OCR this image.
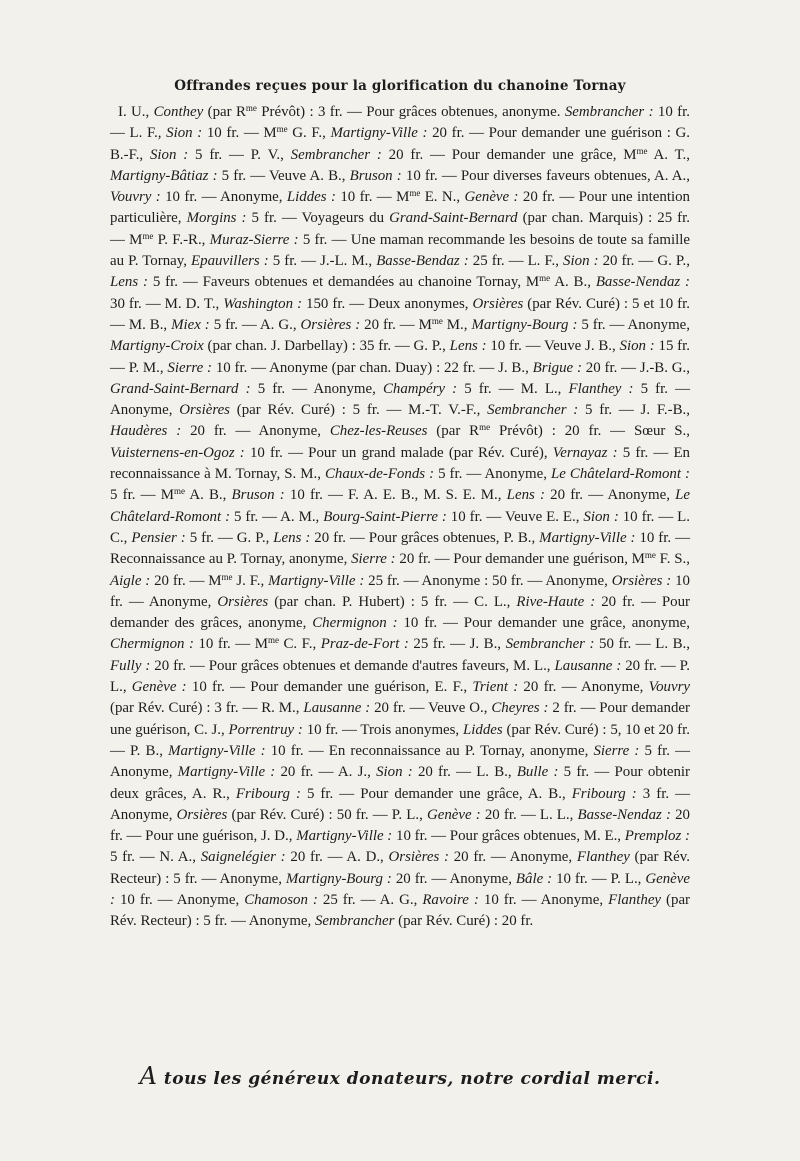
Offrandes reçues pour la glorification du chanoine Tornay
I. U., Conthey (par $R^{me}$ Prévôt) : 3 fr. — Pour grâces obtenues, anonyme. Sembrancher : 10 fr. — L. F., Sion : 10 fr. — $M^{me}$ G. F., Martigny-Ville : 20 fr. — Pour demander une guérison : G. B.-F., Sion : 5 fr. — P. V., Sembrancher : 20 fr. — Pour demander une grâce, $M^{me}$ A. T., Martigny-Bâtiaz : 5 fr. — Veuve A. B., Bruson : 10 fr. — Pour diverses faveurs obtenues, A. A., Vouvry : 10 fr. — Anonyme, Liddes : 10 fr. — $M^{me}$ E. N., Genève : 20 fr. — Pour une intention particulière, Morgins : 5 fr. — Voyageurs du Grand-Saint-Bernard (par chan. Marquis) : 25 fr. — $M^{me}$ P. F.-R., Muraz-Sierre : 5 fr. — Une maman recommande les besoins de toute sa famille au P. Tornay, Epauvillers : 5 fr. — J.-L. M., Basse-Bendaz : 25 fr. — L. F., Sion : 20 fr. — G. P., Lens : 5 fr. — Faveurs obtenues et demandées au chanoine Tornay, $M^{me}$ A. B., Basse-Nendaz : 30 fr. — M. D. T., Washington : 150 fr. — Deux anonymes, Orsières (par Rév. Curé) : 5 et 10 fr. — M. B., Miex : 5 fr. — A. G., Orsières : 20 fr. — $M^{me}$ M., Martigny-Bourg : 5 fr. — Anonyme, Martigny-Croix (par chan. J. Darbellay) : 35 fr. — G. P., Lens : 10 fr. — Veuve J. B., Sion : 15 fr. — P. M., Sierre : 10 fr. — Anonyme (par chan. Duay) : 22 fr. — J. B., Brigue : 20 fr. — J.-B. G., Grand-Saint-Bernard : 5 fr. — Anonyme, Champéry : 5 fr. — M. L., Flanthey : 5 fr. — Anonyme, Orsières (par Rév. Curé) : 5 fr. — M.-T. V.-F., Sembrancher : 5 fr. — J. F.-B., Haudères : 20 fr. — Anonyme, Chez-les-Reuses (par $R^{me}$ Prévôt) : 20 fr. — Sœur S., Vuisternens-en-Ogoz : 10 fr. — Pour un grand malade (par Rév. Curé), Vernayaz : 5 fr. — En reconnaissance à M. Tornay, S. M., Chaux-de-Fonds : 5 fr. — Anonyme, Le Châtelard-Romont : 5 fr. — $M^{me}$ A. B., Bruson : 10 fr. — F. A. E. B., M. S. E. M., Lens : 20 fr. — Anonyme, Le Châtelard-Romont : 5 fr. — A. M., Bourg-Saint-Pierre : 10 fr. — Veuve E. E., Sion : 10 fr. — L. C., Pensier : 5 fr. — G. P., Lens : 20 fr. — Pour grâces obtenues, P. B., Martigny-Ville : 10 fr. — Reconnaissance au P. Tornay, anonyme, Sierre : 20 fr. — Pour demander une guérison, $M^{me}$ F. S., Aigle : 20 fr. — $M^{me}$ J. F., Martigny-Ville : 25 fr. — Anonyme : 50 fr. — Anonyme, Orsières : 10 fr. — Anonyme, Orsières (par chan. P. Hubert) : 5 fr. — C. L., Rive-Haute : 20 fr. — Pour demander des grâces, anonyme, Chermignon : 10 fr. — Pour demander une grâce, anonyme, Chermignon : 10 fr. — $M^{me}$ C. F., Praz-de-Fort : 25 fr. — J. B., Sembrancher : 50 fr. — L. B., Fully : 20 fr. — Pour grâces obtenues et demande d'autres faveurs, M. L., Lausanne : 20 fr. — P. L., Genève : 10 fr. — Pour demander une guérison, E. F., Trient : 20 fr. — Anonyme, Vouvry (par Rév. Curé) : 3 fr. — R. M., Lausanne : 20 fr. — Veuve O., Cheyres : 2 fr. — Pour demander une guérison, C. J., Porrentruy : 10 fr. — Trois anonymes, Liddes (par Rév. Curé) : 5, 10 et 20 fr. — P. B., Martigny-Ville : 10 fr. — En reconnaissance au P. Tornay, anonyme, Sierre : 5 fr. — Anonyme, Martigny-Ville : 20 fr. — A. J., Sion : 20 fr. — L. B., Bulle : 5 fr. — Pour obtenir deux grâces, A. R., Fribourg : 5 fr. — Pour demander une grâce, A. B., Fribourg : 3 fr. — Anonyme, Orsières (par Rév. Curé) : 50 fr. — P. L., Genève : 20 fr. — L. L., Basse-Nendaz : 20 fr. — Pour une guérison, J. D., Martigny-Ville : 10 fr. — Pour grâces obtenues, M. E., Premploz : 5 fr. — N. A., Saignelégier : 20 fr. — A. D., Orsières : 20 fr. — Anonyme, Flanthey (par Rév. Recteur) : 5 fr. — Anonyme, Martigny-Bourg : 20 fr. — Anonyme, Bâle : 10 fr. — P. L., Genève : 10 fr. — Anonyme, Chamoson : 25 fr. — A. G., Ravoire : 10 fr. — Anonyme, Flanthey (par Rév. Recteur) : 5 fr. — Anonyme, Sembrancher (par Rév. Curé) : 20 fr.
A tous les généreux donateurs, notre cordial merci.
